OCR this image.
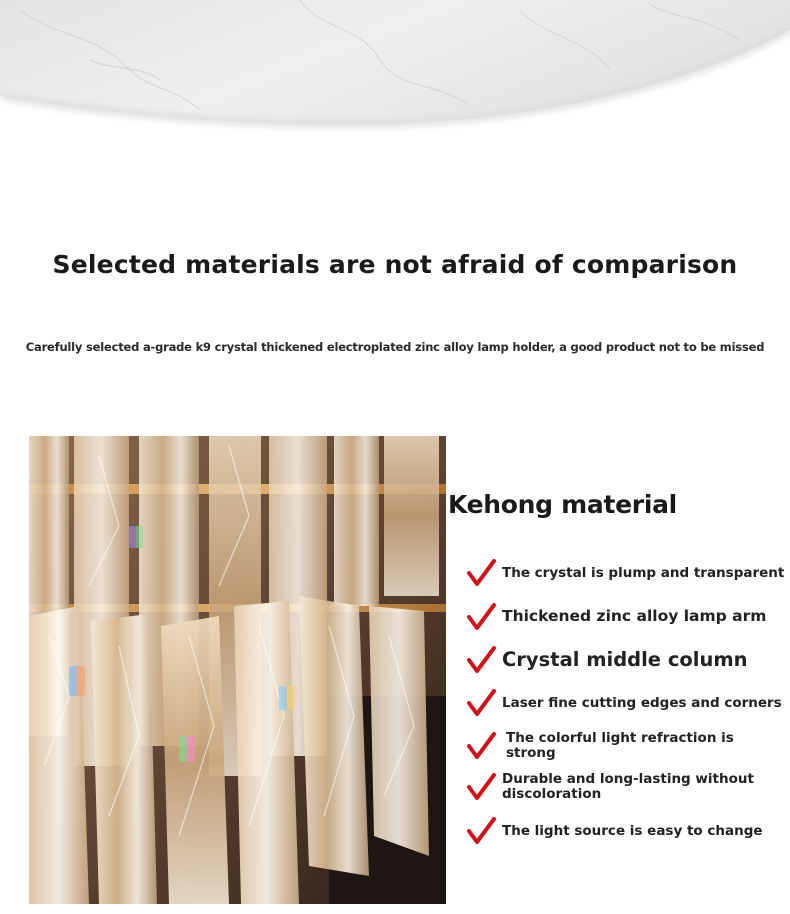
Selected materials are not afraid of comparison
Carefully selected a-grade k9 crystal thickened electroplated zinc alloy lamp holder, a good product not to be missed
Kehong material
The crystal is plump and transparent
Thickened zinc alloy lamp arm
Crystal middle column
Laser fine cutting edges and corners
The colorful light refraction is strong
Durable and long-lasting without discoloration
The light source is easy to change
